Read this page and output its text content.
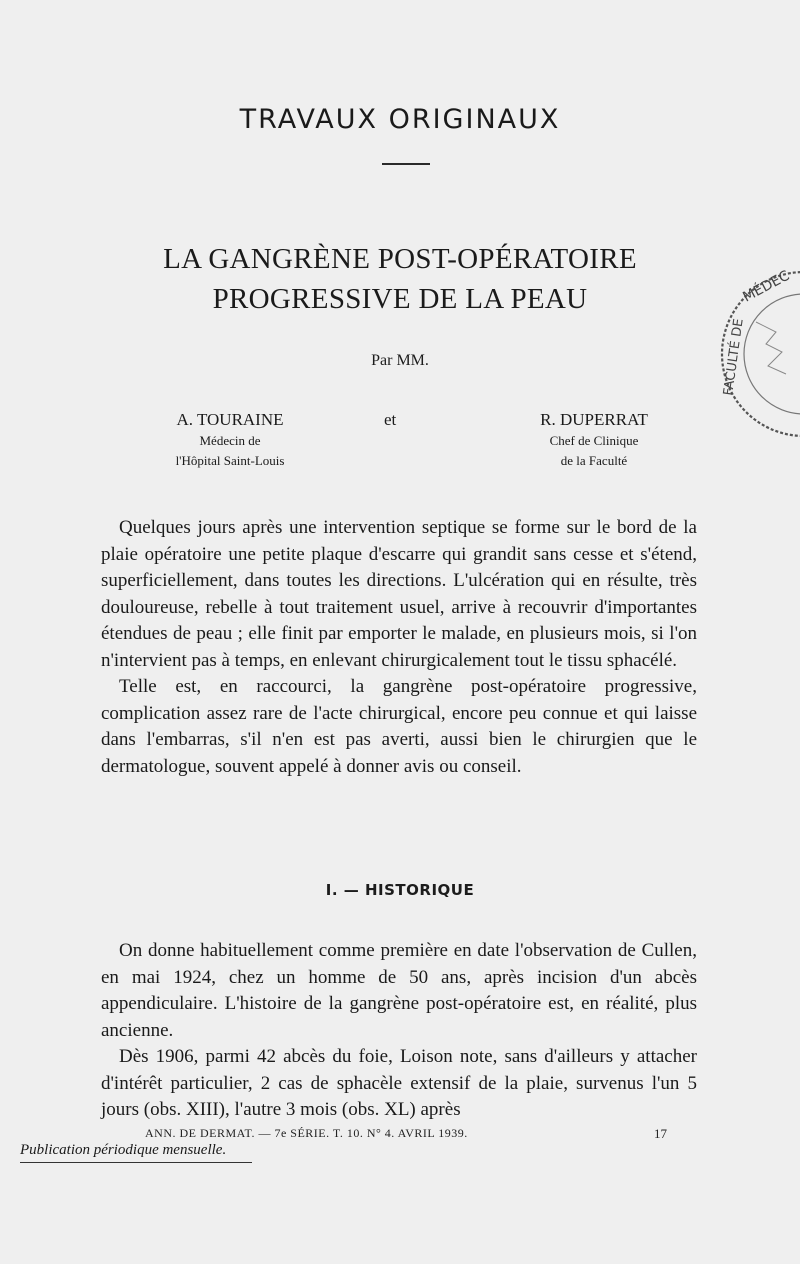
TRAVAUX ORIGINAUX
LA GANGRÈNE POST-OPÉRATOIRE
PROGRESSIVE DE LA PEAU
Par MM.
A. TOURAINE
Médecin de
l'Hôpital Saint-Louis
et	R. DUPERRAT
Chef de Clinique
de la Faculté

Quelques jours après une intervention septique se forme sur le bord de la plaie opératoire une petite plaque d'escarre qui grandit sans cesse et s'étend, superficiellement, dans toutes les directions. L'ulcération qui en résulte, très douloureuse, rebelle à tout traitement usuel, arrive à recouvrir d'importantes étendues de peau ; elle finit par emporter le malade, en plusieurs mois, si l'on n'intervient pas à temps, en enlevant chirurgicalement tout le tissu sphacélé.

Telle est, en raccourci, la gangrène post-opératoire progressive, complication assez rare de l'acte chirurgical, encore peu connue et qui laisse dans l'embarras, s'il n'en est pas averti, aussi bien le chirurgien que le dermatologue, souvent appelé à donner avis ou conseil.

I. — HISTORIQUE

On donne habituellement comme première en date l'observation de Cullen, en mai 1924, chez un homme de 50 ans, après incision d'un abcès appendiculaire. L'histoire de la gangrène post-opératoire est, en réalité, plus ancienne.

Dès 1906, parmi 42 abcès du foie, Loison note, sans d'ailleurs y attacher d'intérêt particulier, 2 cas de sphacèle extensif de la plaie, survenus l'un 5 jours (obs. XIII), l'autre 3 mois (obs. XL) après

ANN. DE DERMAT. — 7e SÉRIE. T. 10. N° 4. AVRIL 1939.	17
Publication périodique mensuelle.
MÉDEC
FACULTÉ DE
